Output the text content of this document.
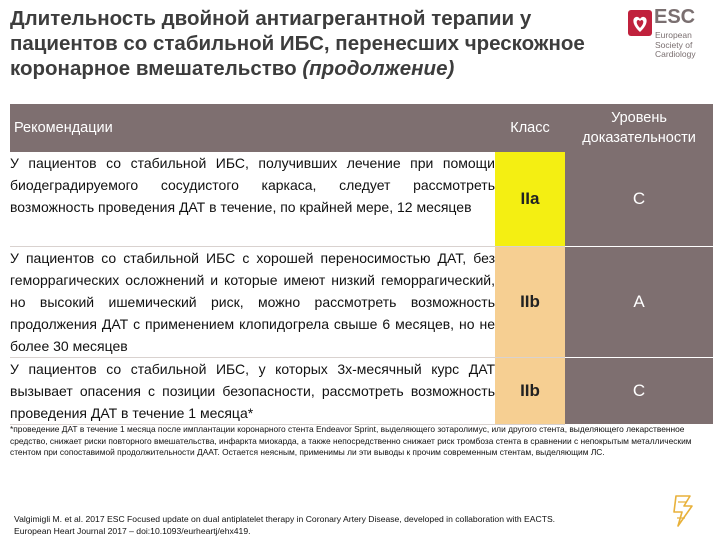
Длительность двойной антиагрегантной терапии у пациентов со стабильной ИБС, перенесших чрескожное коронарное вмешательство (продолжение)
ESC
European Society of Cardiology
Рекомендации	Класс	Уровень доказательности
У пациентов со стабильной ИБС, получивших лечение при помощи биодеградируемого сосудистого каркаса, следует рассмотреть возможность проведения ДАТ в течение, по крайней мере, 12 месяцев	IIa	C
У пациентов со стабильной ИБС с хорошей переносимостью ДАТ, без геморрагических осложнений и которые имеют низкий геморрагический, но высокий ишемический риск, можно рассмотреть возможность продолжения ДАТ с применением клопидогрела свыше 6 месяцев, но не более 30 месяцев	IIb	A
У пациентов со стабильной ИБС, у которых 3х-месячный курс ДАТ вызывает опасения с позиции безопасности, рассмотреть возможность проведения ДАТ в течение 1 месяца*	IIb	C
*проведение ДАТ в течение 1 месяца после имплантации коронарного стента Endeavor Sprint, выделяющего зотаролимус, или другого стента, выделяющего лекарственное средство, снижает риски повторного вмешательства, инфаркта миокарда, а также непосредственно снижает риск тромбоза стента в сравнении с непокрытым металлическим стентом при сопоставимой продолжительности ДААТ. Остается неясным, применимы ли эти выводы к прочим современным стентам, выделяющим ЛС.
Valgimigli M. et al. 2017 ESC Focused update on dual antiplatelet therapy in Coronary Artery Disease, developed in collaboration with EACTS.
European Heart Journal 2017 – doi:10.1093/eurheartj/ehx419.
